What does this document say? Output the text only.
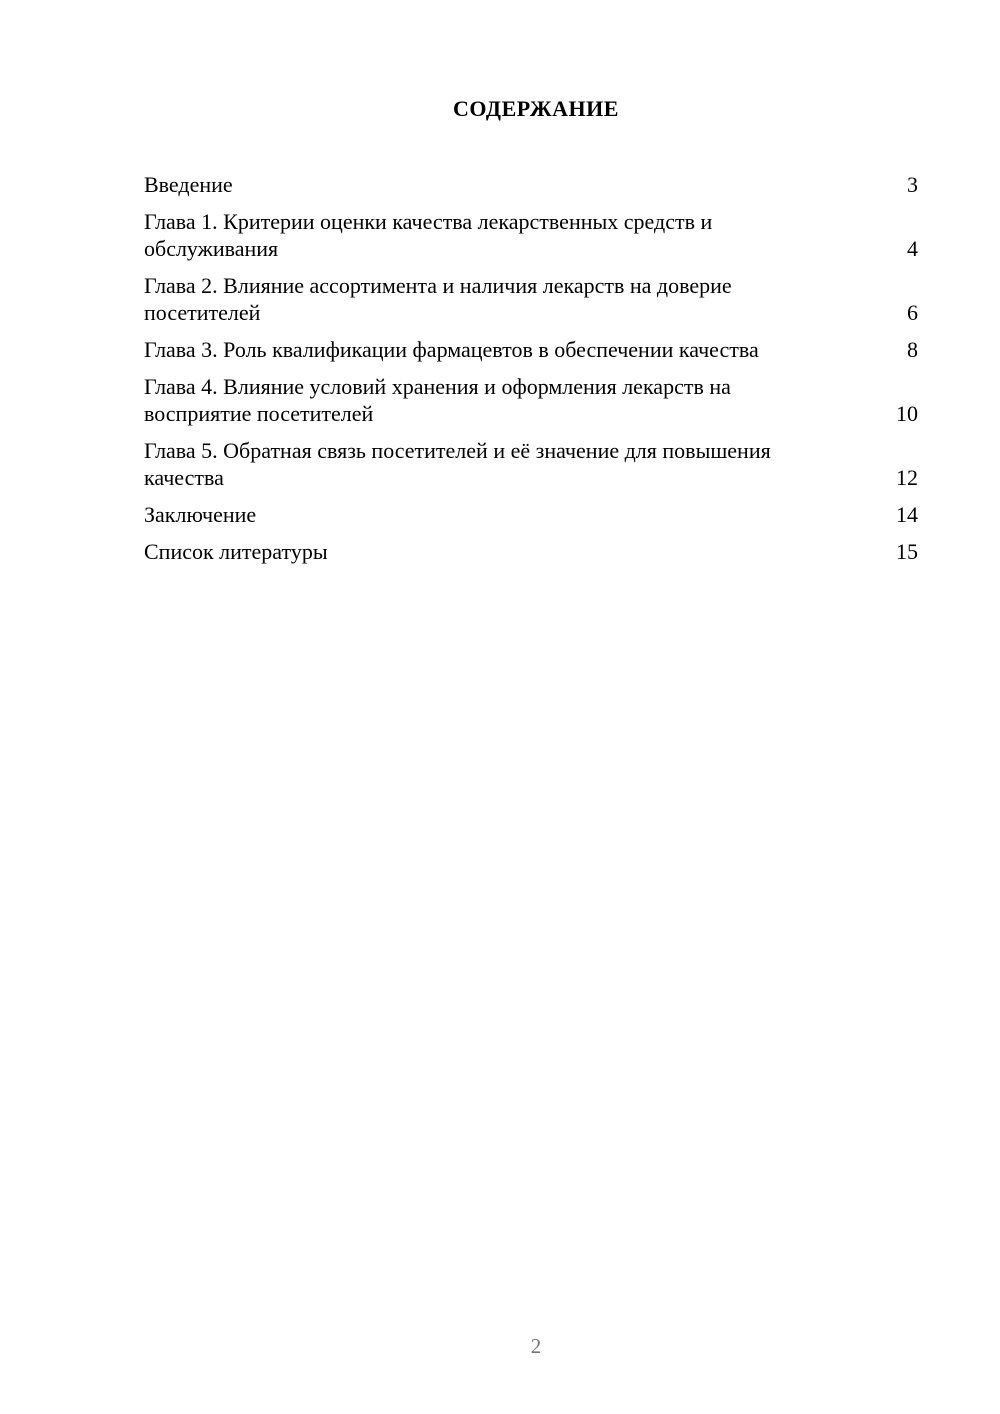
СОДЕРЖАНИЕ
Введение	3
Глава 1. Критерии оценки качества лекарственных средств и обслуживания	4
Глава 2. Влияние ассортимента и наличия лекарств на доверие посетителей	6
Глава 3. Роль квалификации фармацевтов в обеспечении качества	8
Глава 4. Влияние условий хранения и оформления лекарств на восприятие посетителей	10
Глава 5. Обратная связь посетителей и её значение для повышения качества	12
Заключение	14
Список литературы	15
2
